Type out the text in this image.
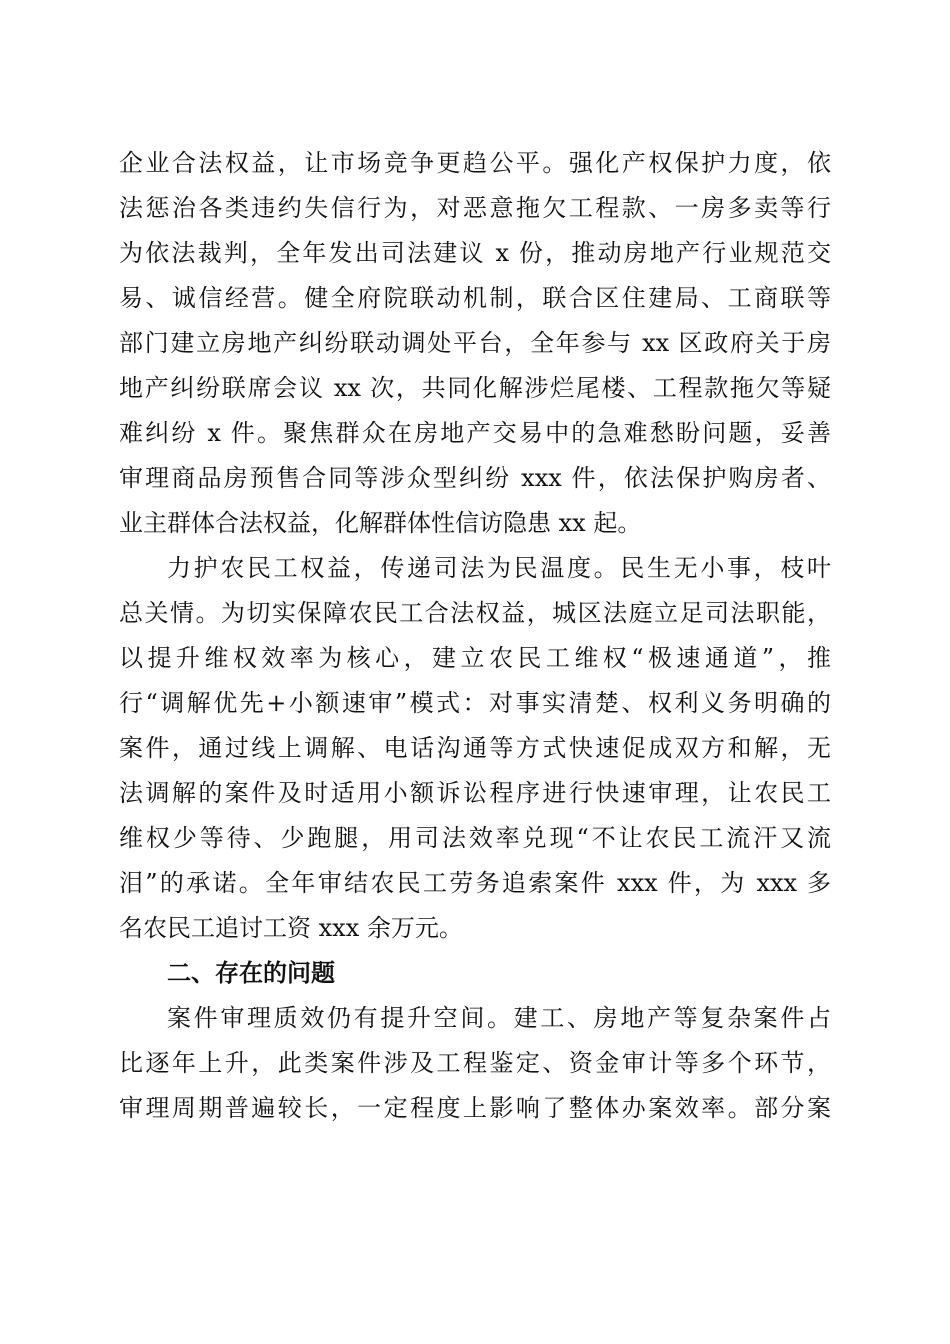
企业合法权益，让市场竞争更趋公平。强化产权保护力度，依
法惩治各类违约失信行为，对恶意拖欠工程款、一房多卖等行
为依法裁判，全年发出司法建议 x 份，推动房地产行业规范交
易、诚信经营。健全府院联动机制，联合区住建局、工商联等
部门建立房地产纠纷联动调处平台，全年参与 xx 区政府关于房
地产纠纷联席会议 xx 次，共同化解涉烂尾楼、工程款拖欠等疑
难纠纷 x 件。聚焦群众在房地产交易中的急难愁盼问题，妥善
审理商品房预售合同等涉众型纠纷 xxx 件，依法保护购房者、
业主群体合法权益，化解群体性信访隐患 xx 起。
力护农民工权益，传递司法为民温度。民生无小事，枝叶
总关情。为切实保障农民工合法权益，城区法庭立足司法职能，
以提升维权效率为核心，建立农民工维权“极速通道”，推
行“调解优先+小额速审”模式：对事实清楚、权利义务明确的
案件，通过线上调解、电话沟通等方式快速促成双方和解，无
法调解的案件及时适用小额诉讼程序进行快速审理，让农民工
维权少等待、少跑腿，用司法效率兑现“不让农民工流汗又流
泪”的承诺。全年审结农民工劳务追索案件 xxx 件，为 xxx 多
名农民工追讨工资 xxx 余万元。
二、存在的问题
案件审理质效仍有提升空间。建工、房地产等复杂案件占
比逐年上升，此类案件涉及工程鉴定、资金审计等多个环节，
审理周期普遍较长，一定程度上影响了整体办案效率。部分案
